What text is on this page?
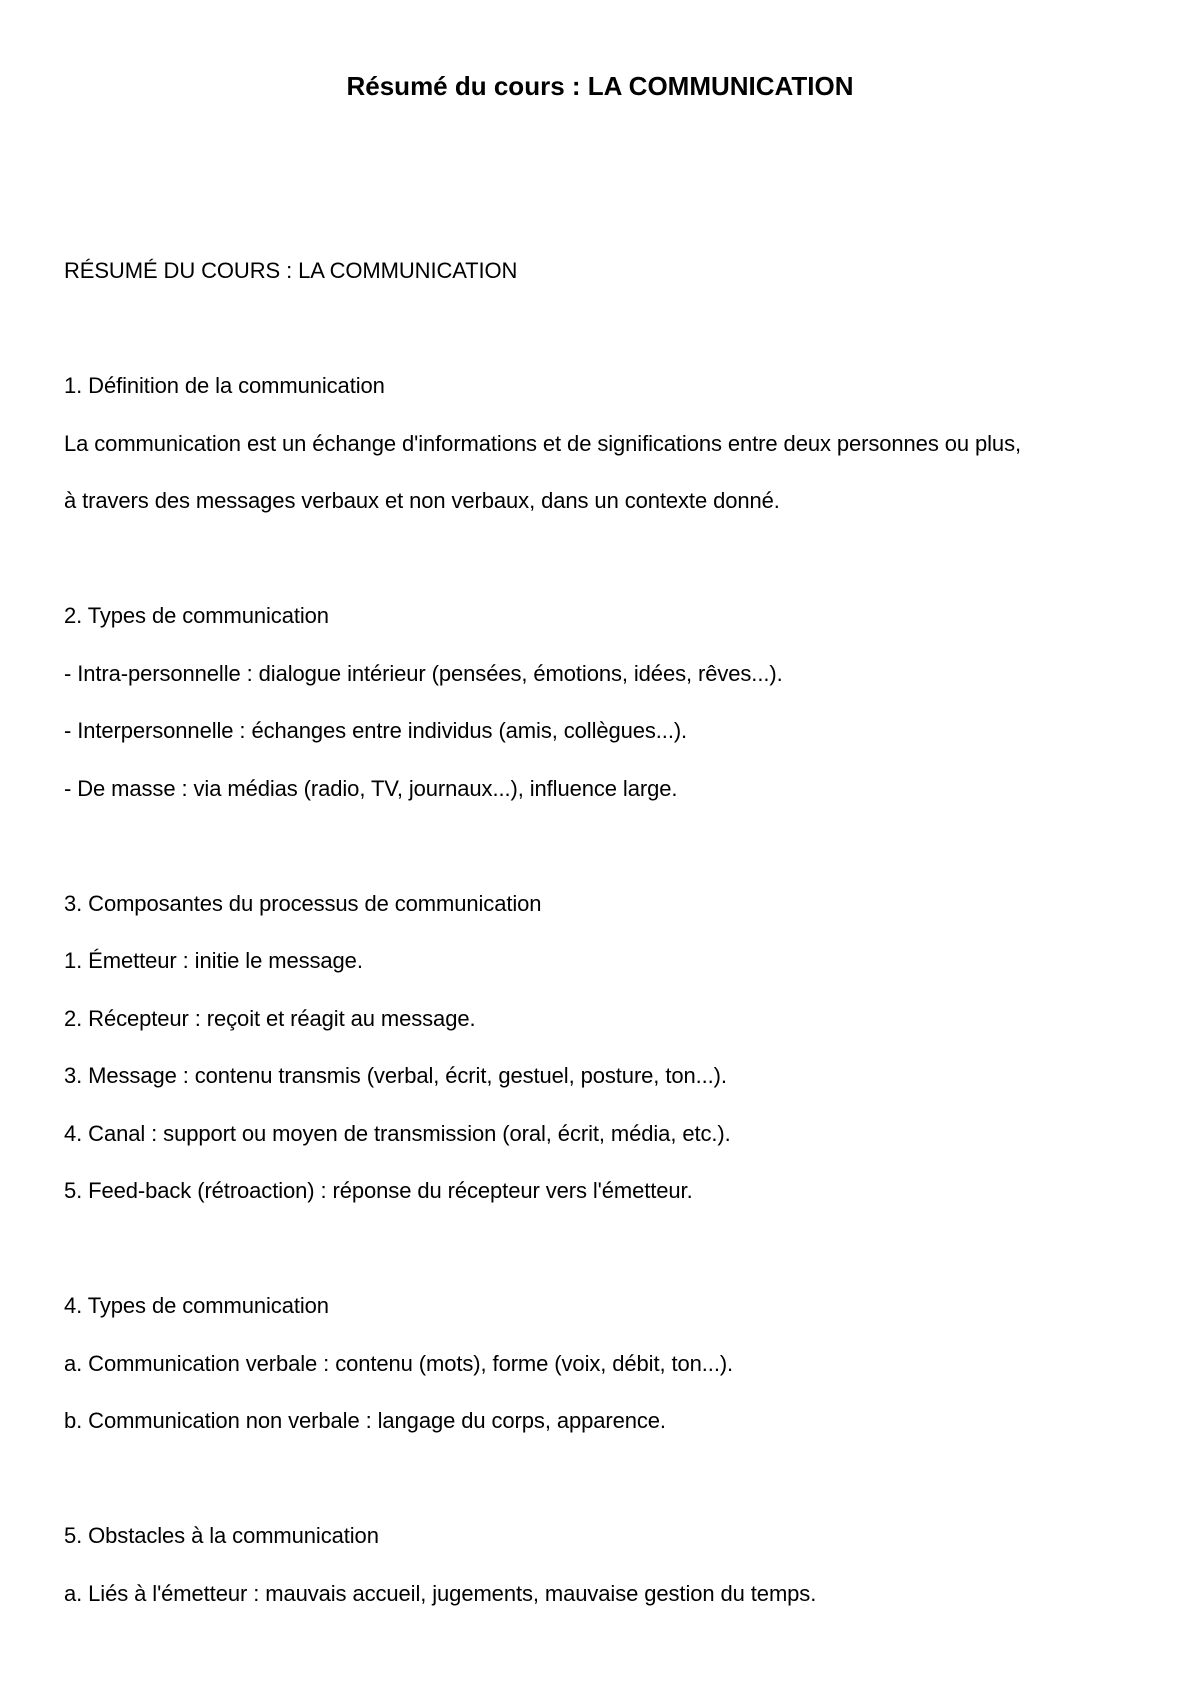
Résumé du cours : LA COMMUNICATION

RÉSUMÉ DU COURS : LA COMMUNICATION

1. Définition de la communication

La communication est un échange d'informations et de significations entre deux personnes ou plus,

à travers des messages verbaux et non verbaux, dans un contexte donné.

2. Types de communication

- Intra-personnelle : dialogue intérieur (pensées, émotions, idées, rêves...).

- Interpersonnelle : échanges entre individus (amis, collègues...).

- De masse : via médias (radio, TV, journaux...), influence large.

3. Composantes du processus de communication

1. Émetteur : initie le message.

2. Récepteur : reçoit et réagit au message.

3. Message : contenu transmis (verbal, écrit, gestuel, posture, ton...).

4. Canal : support ou moyen de transmission (oral, écrit, média, etc.).

5. Feed-back (rétroaction) : réponse du récepteur vers l'émetteur.

4. Types de communication

a. Communication verbale : contenu (mots), forme (voix, débit, ton...).

b. Communication non verbale : langage du corps, apparence.

5. Obstacles à la communication

a. Liés à l'émetteur : mauvais accueil, jugements, mauvaise gestion du temps.
